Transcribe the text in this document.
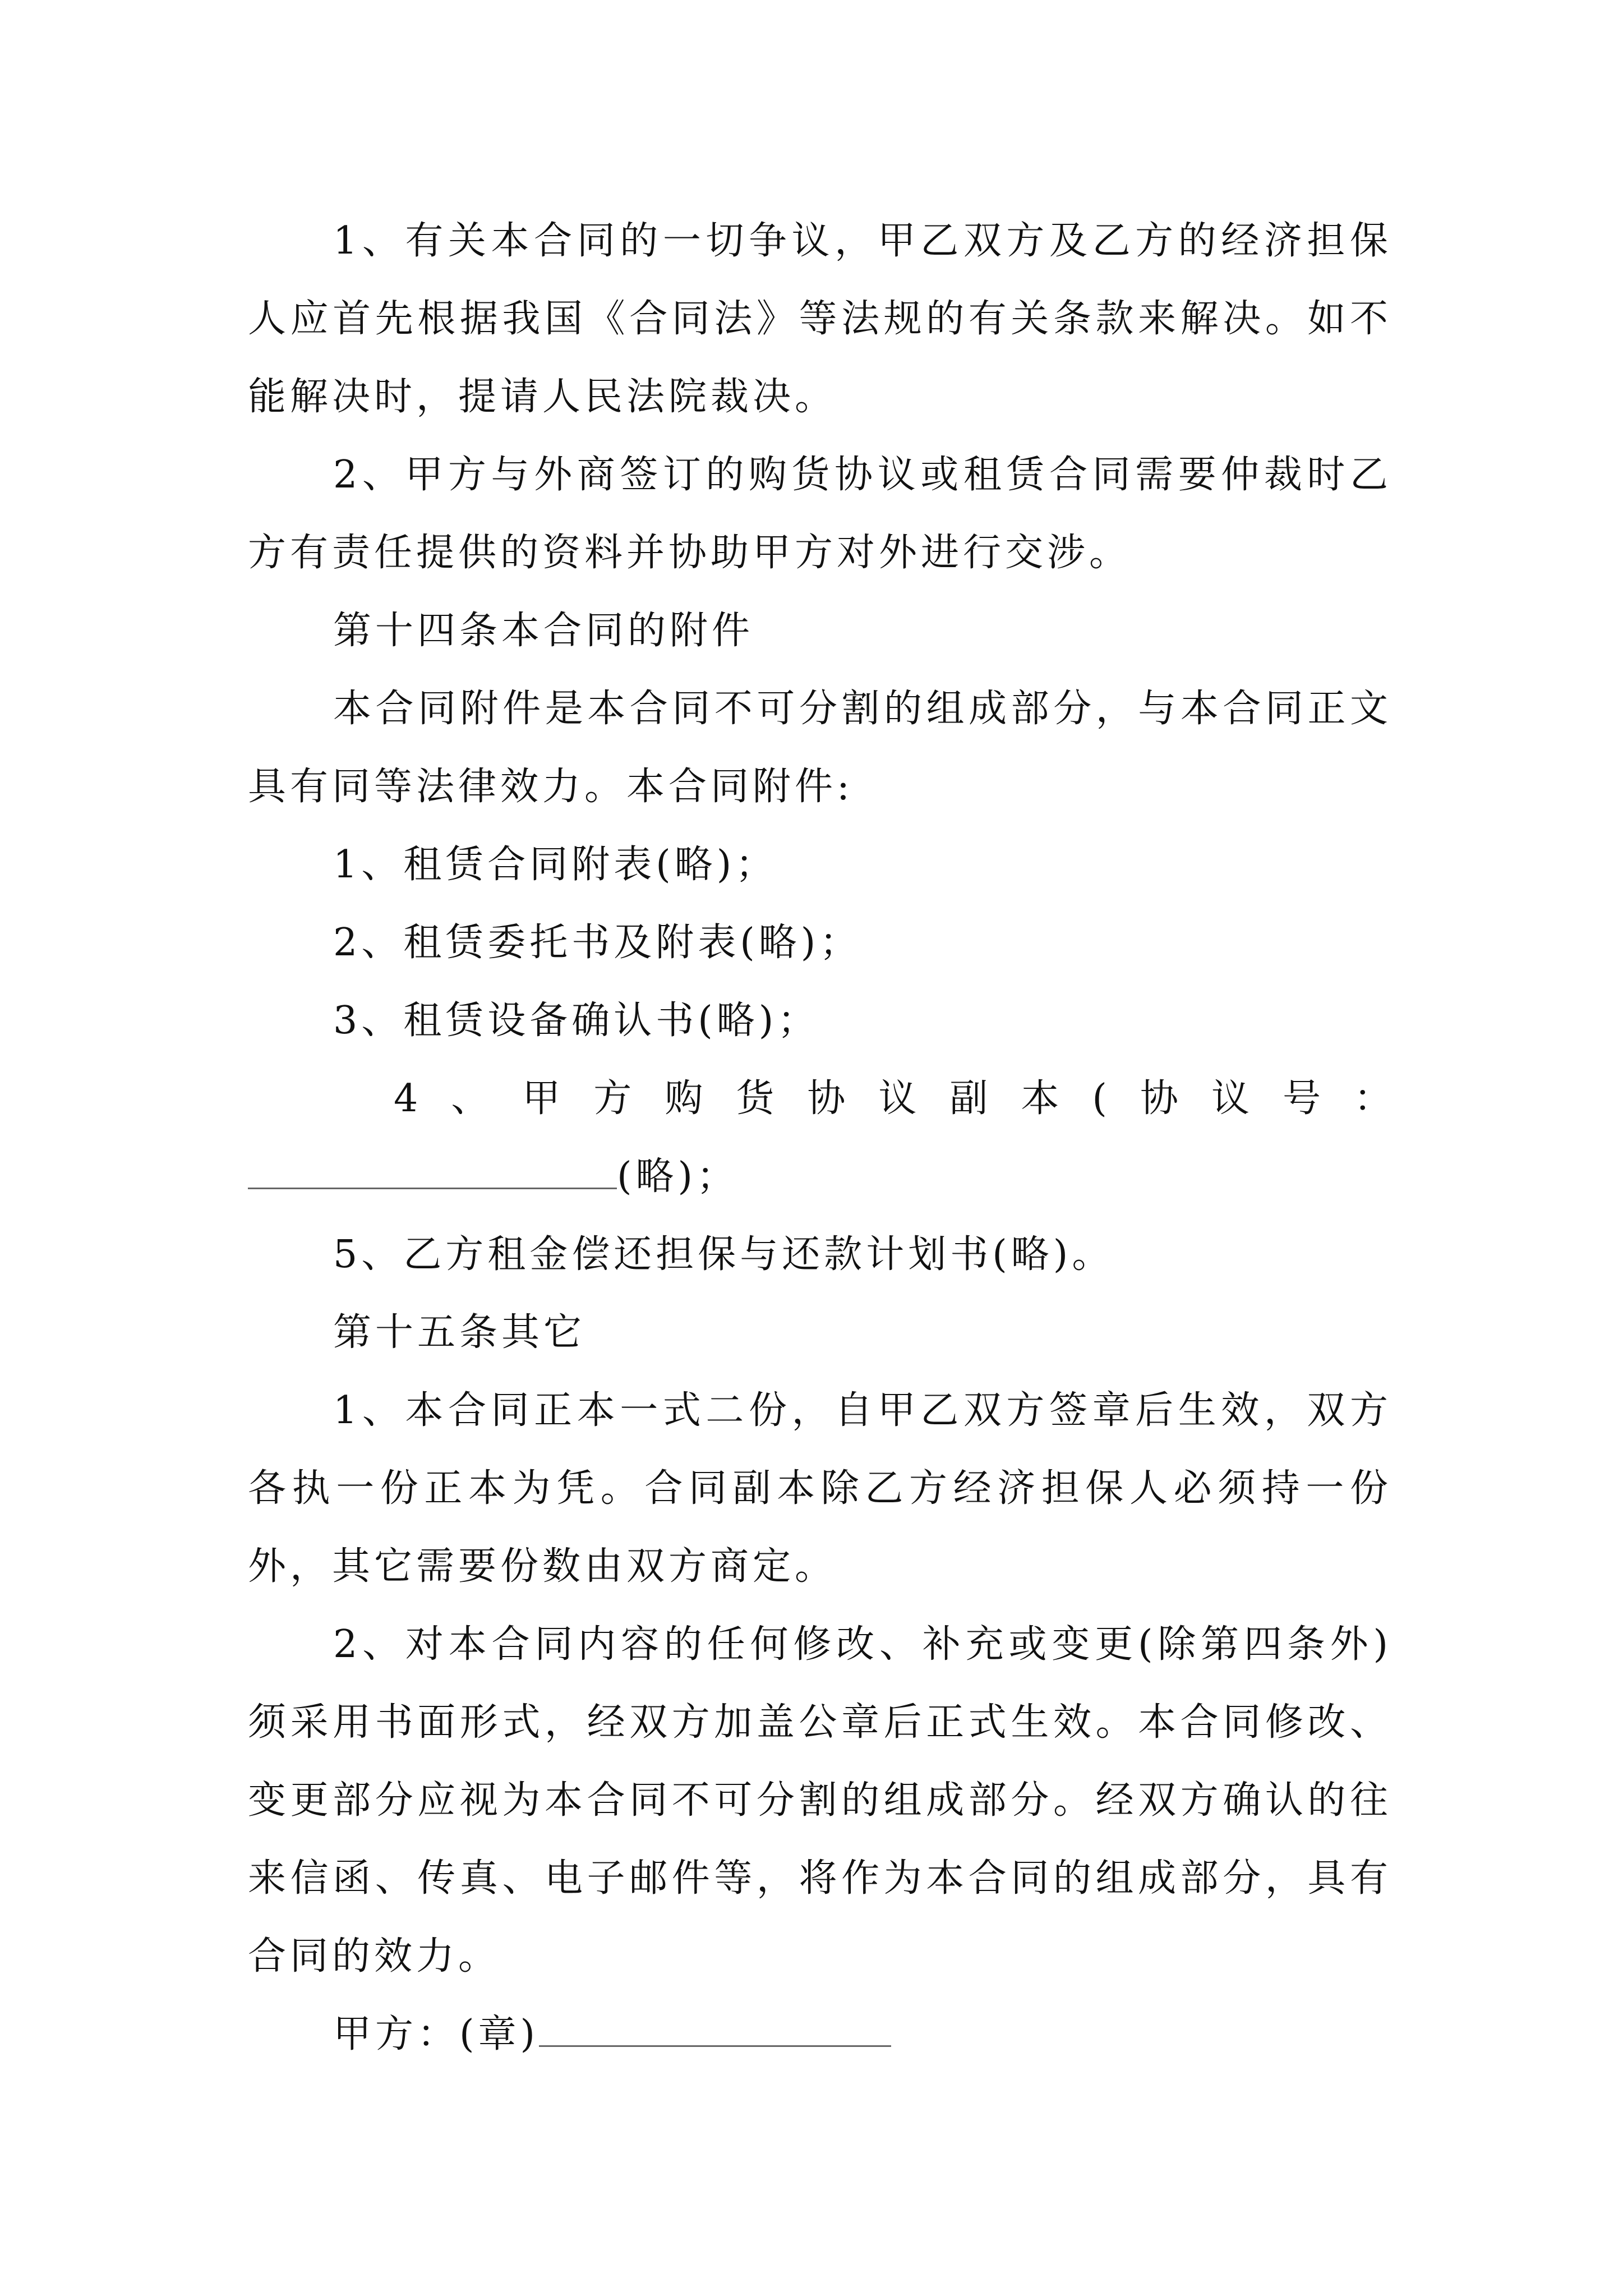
1、有关本合同的一切争议，甲乙双方及乙方的经济担保人应首先根据我国《合同法》等法规的有关条款来解决。如不能解决时，提请人民法院裁决。

2、甲方与外商签订的购货协议或租赁合同需要仲裁时乙方有责任提供的资料并协助甲方对外进行交涉。

第十四条本合同的附件

本合同附件是本合同不可分割的组成部分，与本合同正文具有同等法律效力。本合同附件:

1、租赁合同附表(略)；

2、租赁委托书及附表(略)；

3、租赁设备确认书(略)；

4 、 甲 方 购 货 协 议 副 本 ( 协 议 号 ：

(略)；

5、乙方租金偿还担保与还款计划书(略)。

第十五条其它

1、本合同正本一式二份，自甲乙双方签章后生效，双方各执一份正本为凭。合同副本除乙方经济担保人必须持一份外，其它需要份数由双方商定。

2、对本合同内容的任何修改、补充或变更(除第四条外)须采用书面形式，经双方加盖公章后正式生效。本合同修改、变更部分应视为本合同不可分割的组成部分。经双方确认的往来信函、传真、电子邮件等，将作为本合同的组成部分，具有合同的效力。

甲方：(章)
